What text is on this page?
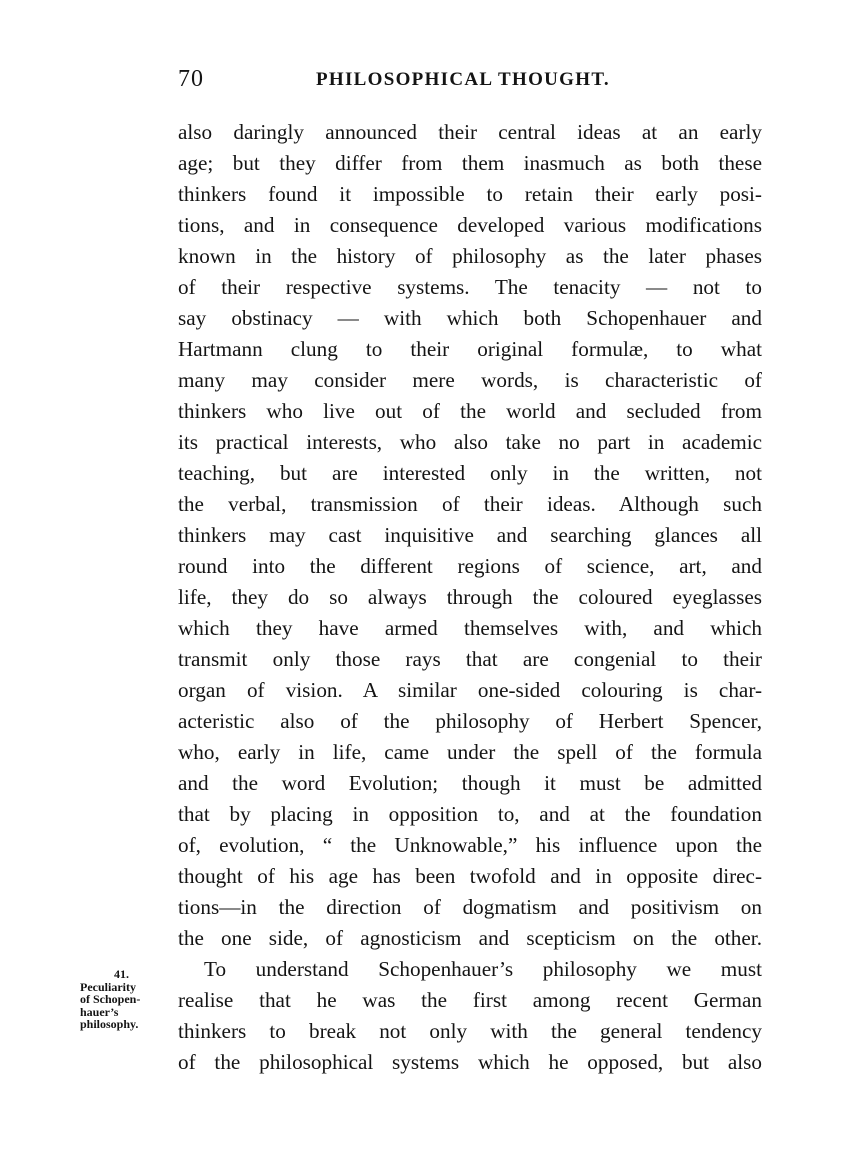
70	PHILOSOPHICAL THOUGHT.
also daringly announced their central ideas at an early
age; but they differ from them inasmuch as both these
thinkers found it impossible to retain their early posi-
tions, and in consequence developed various modifications
known in the history of philosophy as the later phases
of their respective systems. The tenacity — not to
say obstinacy — with which both Schopenhauer and
Hartmann clung to their original formulæ, to what
many may consider mere words, is characteristic of
thinkers who live out of the world and secluded from
its practical interests, who also take no part in academic
teaching, but are interested only in the written, not
the verbal, transmission of their ideas. Although such
thinkers may cast inquisitive and searching glances all
round into the different regions of science, art, and
life, they do so always through the coloured eyeglasses
which they have armed themselves with, and which
transmit only those rays that are congenial to their
organ of vision. A similar one-sided colouring is char-
acteristic also of the philosophy of Herbert Spencer,
who, early in life, came under the spell of the formula
and the word Evolution; though it must be admitted
that by placing in opposition to, and at the foundation
of, evolution, “ the Unknowable,” his influence upon the
thought of his age has been twofold and in opposite direc-
tions—in the direction of dogmatism and positivism on
the one side, of agnosticism and scepticism on the other.
To understand Schopenhauer’s philosophy we must
realise that he was the first among recent German
thinkers to break not only with the general tendency
of the philosophical systems which he opposed, but also
41.
Peculiarity
of Schopen-
hauer’s
philosophy.
